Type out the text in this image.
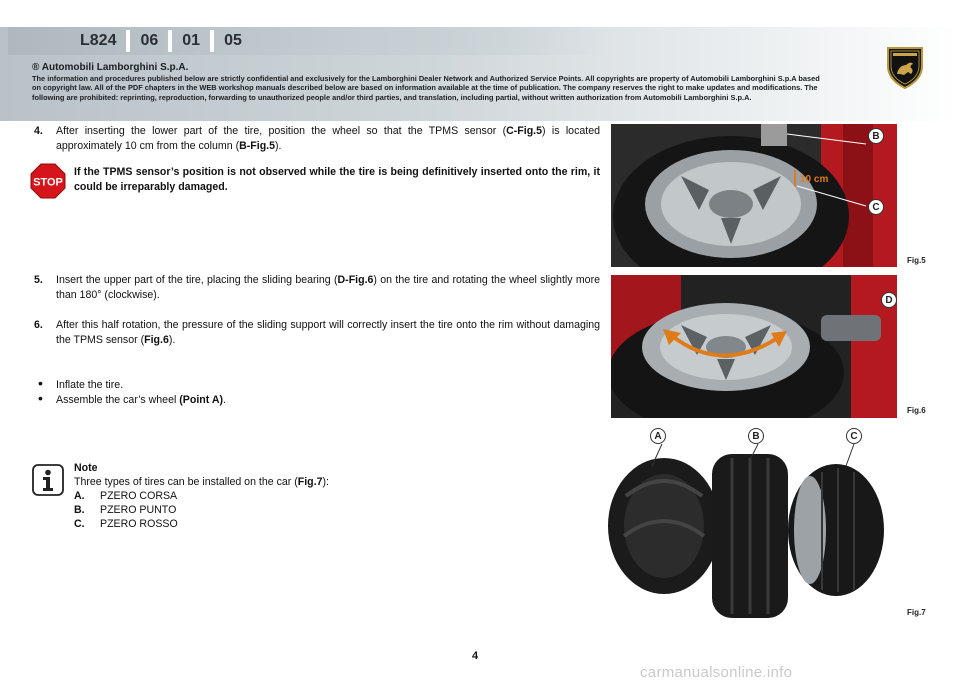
L824	06	01	05
® Automobili Lamborghini S.p.A.
The information and procedures published below are strictly confidential and exclusively for the Lamborghini Dealer Network and Authorized Service Points. All copyrights are property of Automobili Lamborghini S.p.A based on copyright law. All of the PDF chapters in the WEB workshop manuals described below are based on information available at the time of publication. The company reserves the right to make updates and modifications. The following are prohibited: reprinting, reproduction, forwarding to unauthorized people and/or third parties, and translation, including partial, without written authorization from Automobili Lamborghini S.p.A.
4. After inserting the lower part of the tire, position the wheel so that the TPMS sensor (C-Fig.5) is located approximately 10 cm from the column (B-Fig.5).
STOP
If the TPMS sensor’s position is not observed while the tire is being definitively inserted onto the rim, it could be irreparably damaged.
5. Insert the upper part of the tire, placing the sliding bearing (D-Fig.6) on the tire and rotating the wheel slightly more than 180° (clockwise).
6. After this half rotation, the pressure of the sliding support will correctly insert the tire onto the rim without damaging the TPMS sensor (Fig.6).
• Inflate the tire.
• Assemble the car’s wheel (Point A).
Note
Three types of tires can be installed on the car (Fig.7):
A.	PZERO CORSA
B.	PZERO PUNTO
C.	PZERO ROSSO
10 cm
B
C
Fig.5
D
Fig.6
A	B	C
Fig.7
4
carmanualsonline.info
